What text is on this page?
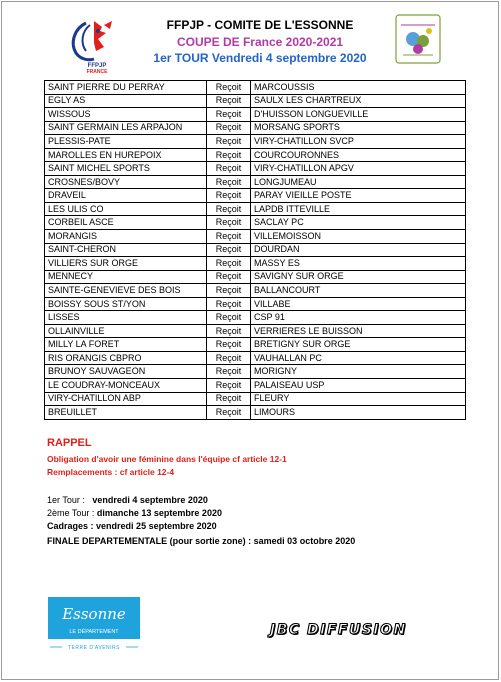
FFPJP
FRANCE
FFPJP - COMITE DE L'ESSONNE
COUPE DE France 2020-2021
1er TOUR Vendredi 4 septembre 2020
SAINT PIERRE DU PERRAY	Reçoit	MARCOUSSIS
EGLY AS	Reçoit	SAULX LES CHARTREUX
WISSOUS	Reçoit	D'HUISSON LONGUEVILLE
SAINT GERMAIN LES ARPAJON	Reçoit	MORSANG SPORTS
PLESSIS-PATE	Reçoit	VIRY-CHATILLON SVCP
MAROLLES EN HUREPOIX	Reçoit	COURCOURONNES
SAINT MICHEL SPORTS	Reçoit	VIRY-CHATILLON APGV
CROSNES/BOVY	Reçoit	LONGJUMEAU
DRAVEIL	Reçoit	PARAY VIEILLE POSTE
LES ULIS CO	Reçoit	LAPDB ITTEVILLE
CORBEIL ASCE	Reçoit	SACLAY PC
MORANGIS	Reçoit	VILLEMOISSON
SAINT-CHERON	Reçoit	DOURDAN
VILLIERS SUR ORGE	Reçoit	MASSY ES
MENNECY	Reçoit	SAVIGNY SUR ORGE
SAINTE-GENEVIEVE DES BOIS	Reçoit	BALLANCOURT
BOISSY SOUS ST/YON	Reçoit	VILLABE
LISSES	Reçoit	CSP 91
OLLAINVILLE	Reçoit	VERRIERES LE BUISSON
MILLY LA FORET	Reçoit	BRETIGNY SUR ORGE
RIS ORANGIS CBPRO	Reçoit	VAUHALLAN PC
BRUNOY SAUVAGEON	Reçoit	MORIGNY
LE COUDRAY-MONCEAUX	Reçoit	PALAISEAU USP
VIRY-CHATILLON ABP	Reçoit	FLEURY
BREUILLET	Reçoit	LIMOURS
RAPPEL
Obligation d'avoir une féminine dans l'équipe cf article 12-1
Remplacements : cf article 12-4
1er Tour : vendredi 4 septembre 2020
2ème Tour : dimanche 13 septembre 2020
Cadrages : vendredi 25 septembre 2020
FINALE DEPARTEMENTALE (pour sortie zone) : samedi 03 octobre 2020
Essonne
LE DÉPARTEMENT
TERRE D'AVENIRS
JBC DIFFUSION
